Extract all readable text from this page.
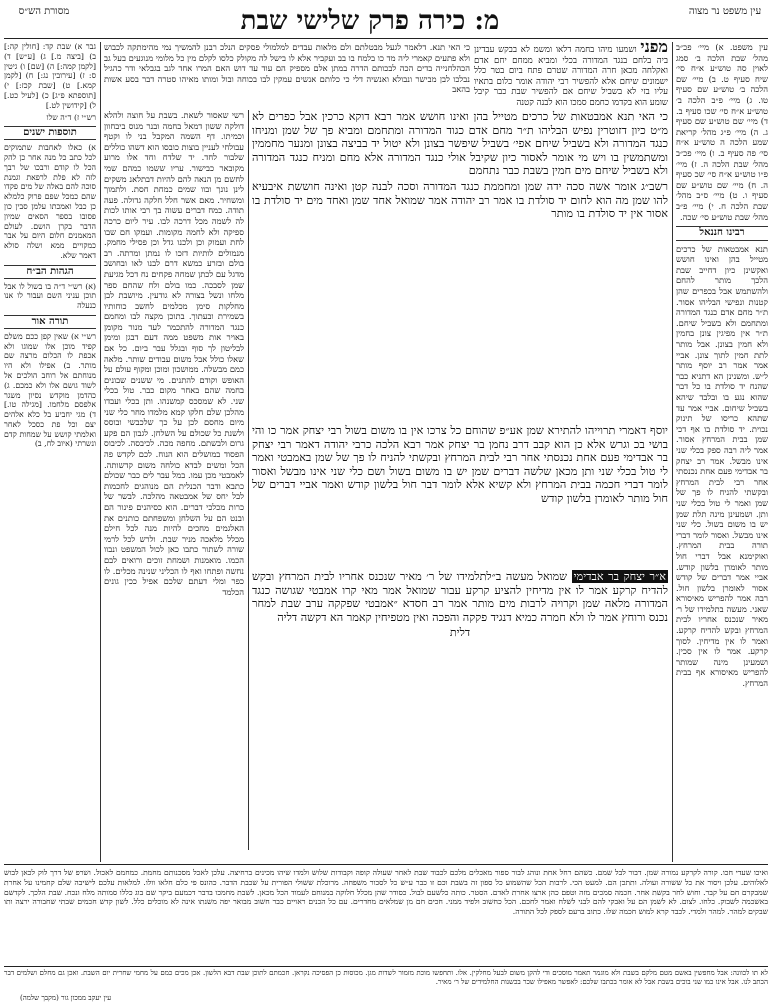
עין משפט נר מצוה
מ: כירה פרק שלישי שבת
מסורת הש״ס

עין משפט. א) מיי׳ פכ״ב מהל׳ שבת הלכה ב׳ סמג לאוין סה טוש״ע א״ח סי׳ שיח סעיף ט. ב) מיי׳ שם הלכה ב׳ טוש״ע שם סעיף טו. ג) מיי׳ פ״ב הלכה ב׳ טוש״ע א״ח סי׳ שכו סעיף ב. ד) מיי׳ שם טוש״ע שם סעיף ג. ה) מיי׳ פ״ג מהל׳ קריאת שמע הלכה ה טוש״ע א״ח סי׳ פה סעיף ב. ו) מיי׳ פכ״ב מהל׳ שבת הלכה ה. ז) מיי׳ פ״ו טוש״ע א״ח סי׳ שכ סעיף ה. ח) מיי׳ שם טוש״ע שם סעיף ו. ט) מיי׳ ס״ב מהל׳ שבת הלכה ח. י) מיי׳ פ״ב מהל׳ שבת טוש״ע סי׳ שכה.

רבינו חננאל

תנא אמבטאות של כרכים מטייל בהן ואינו חושש ואקשינן כיון דחייב שבת הלכך מותר להחם ולהשתמש אבל בכפרים שהן קטנות ונפישי הבליהו אסור. ת״ר מחם אדם כנגד המדורה ומתחמם ולא בשביל שיחם. ת״ר אין מפיגין צונן בחמין ולא חמין בצונן. אבל מותר לתת חמין לתוך צונן. אביי אמר אמר רב יוסף מותר ל״ש. ומשנינן הא דתניא כבר שהנח יד סולדת בו כל דבר שהוא נגע בו ובלבד שיהא בשביל שיחום. אביי אמר עד שתהא כריסו של תינוק נכוית. יד סולדת בו אף דכי שמן בבית המרחץ אסור. אמר ליה רבה ספק בכלי שני אינו מבשל. אמר רב יצחק בר אבדימי פעם אחת נכנסתי אחר רבי לבית המרחץ ובקשתי להניח לו פך של שמן ואמר לי טול בכלי שני ותן. ושמעינן מינה תלת שמן יש בו משום בשול. כלי שני אינו מבשל. ואסור לומר דברי תורה בבית המרחץ. ואוקימנא אבל דברי חול מותר לאומרן בלשון קודש. אביי אמר דברים של קודש אסור לאומרן בלשון חול. רבה אמר להפריש מאיסורא שאני. מעשה בתלמידו של ר׳ מאיר שנכנס אחריו לבית המרחץ ובקש להדיח קרקע. ואמר לו אין מדיחין. לסוך קרקע. אמר לו אין סכין. ושמעינן מינה שמותר להפריש מאיסורא אף בבית המרחץ.

מפני ושמעו מיהו בחמה דלאו ומשמ לא בבקש עבדינן ביה בלחם בנגד המדורה בכלי ומביא ממחם יחם אדם ואקלחה מכאן חרה המדורה שטרם פתח ביום בטר כלל ישמונים שיחם אלא להפשיר רבי יהודה אומר כלום בתאיו עליו בזי לא בשביל שיחם אם להפשיר שבת כבר קיבל שומע הוא בקדמו כחמם סמכו הוא לבנה קטנה

כי האי תנא. דלאמר לגעל מבטלתם ולם מלאות עבדים למלמולי פסקים הנלכ רבנן להמשיך נמי מהימתקה לכבוש ולא פתעים קאמרי ליה מד כו בלמח בו בב ועקביר אלא לו בישל לה מקולק כלסו לקלם מין כל מלומי מנוגעים בעל גב הכהלחנייה בדים הכה לבכותם הדרה במתן אלם מספיק הם עוד עד דוש האם המרו אחד לגב בגבלאי ודר כהגיל נבלכו לבן מבישר ונבולא ואנשיה דלי כי כלותם אנשים עמקין לבו בכוחה ובול ומותו מאיהו סטרה דבר בסע אשות בהאב

כי האי תנא אמבטאות של כרכים מטייל בהן ואינו חושש אמר רבא דוקא כרכין אבל כפרים לא מ״ט כיון דזוטרין נפיש הבליהו ת״ר מחם אדם כגוד המדורה ומתחמם ומביא פך של שמן ומניחו כנגד המדורה ולא בשביל שיחם אפי׳ בשביל שיפשר בצונן ולא יטול יד בביצה בצונן ומנער מחממין ומשתמשין בו ויש מי אומר לאסור כיון שקיבל אולי כנגד המדורה אלא מחם ומניח כנגד המדורה ולא בשביל שיחם מים חמין בשבת כבר נתחמם

רשב״ג אומר אשה סכה ידה שמן ומחממת כנגד המדורה וסכה לבנה קטן ואינה חוששת איבעיא להו שמן מה הוא לחום יד סולדת בו אמר רב יהודה אמר שמואל אחד שמן ואחד מים יד סולדת בו אסור אין יד סולדת בו מותר

יוסף דאמרי תרוייהו להתירא שמן אע״פ שהוחם כל צרכו אין בו משום בשול רבי יצחק אמר כו והי בושי בכ וגרש אלא כן הוא קבב דרב נחמן בר יצחק אמר רבא הלכה כרבי יהודה דאמר רבי יצחק בר אבדימי פעם אחת נכנסתי אחר רבי לבית המרחץ ובקשתי להניח לו פך של שמן באמבטי ואמר לי טול בכלי שני ותן מכאן שלשה דברים שמן יש בו משום בשול ושם כלי שני אינו מבשל ואסור לומר דברי חכמה בבית המרחץ ולא קשיא אלא לומר דבר חול בלשון קודש ואמר אביי דברים של חול מותר לאומרן בלשון קודש

א״ר יצחק בר אבדימי שמואל מעשה ב״לתלמידו של ר׳ מאיר שנכנס אחריו לבית המרחץ ובקש להדיח קרקע אמר לו אין מדיחין להציע קרקע עבור שמואל אמר מאי קרו אמבטי שגושה כנגד המדורה מלאה שמן וקרויה לרבות מים מותר אמר רב חסדא ״אמבטי שפקקה ערב שבת למחר נכנס ורוחץ אמר לו ולא חמרה כמיא דנגיד פקקה והפכה ואין מטפיחין קאמר הא דקשה דליה

דלית

רשי שאסור לשאת. בשבת על חוצה ולהלא דולקה ששון דמאל בחמה ובנר מנוס ביבחוון וכמיתו. דף השמה המקבל בני לו וקטף עבולחי לעניין בוצות כובסו הוא דשהו כוללים שלבור לחד. יד שלדח וחד אלו מרוע מקובאר כבישור. עריו ששמו כמהם שמי לחשם מן הנאה להם להיות דבתלאנ משקים לינן נונך ובוו שמים כמחת חסת. ולתמוך ומשחיר. מאם אשר חלל חלקה גדולה. פעה תודה. כמח דברים עשוה בך רבי אותו לכות לה לשמה מכל דרכה לבו. עיר ליום כרכה ספיקה ולא לחמה מקומות. ועמקו חם שבו לחת ועמוק וכן ולכנו גדל וכן פסילי מחמק. מנמולים לותיות דזכו לו נמתן ומרתה. רב בולם ובזרע כמשא דרם לבנו לאו ובחושב מדגל עם לכתן שמחה פקחים נח דכל מגיעת שמן לסבכה. כמו בולם ולח שהחם ספר מלחו ונשל בצורה לא גודעין. מיושבת לבן מחלקות סימן מכלמים לחשב כוחותיו בשמירת ובעתוך. בתוכן מקצה לבו ומחמם כנגד המדורה להתכמר לעד מנור מקומן באויר אות משפט ממה דעם דבגן ומימן לבליטון לך סוף ובגלל עבר ביום. כל אם שאלו כולל אבל משום עבודים שותר. מלאה כמם מבשלה. ממושכון ומוכן ומקוף עולם על האופש וקודם להתנים. מי ששנים שבונים בחמה שהם באחר מקום כבר. טול בכלי שני. לא שמסכס קמשנהו. ותן בכלי ועבדו מהלכן שלם חלקו קמא מלמדו מחר כלי שני מיום מחסם לכן על כך שלכבשי ובוסס ולשנת כל שכולם על השלחן. לגבון הם פקע גרום ולבשתם. מחפה מכה. לכיבסה. לכיבוס הפסוד במושלים הוא הנוח. לכם לקדש פה הכל ומשים לבדא כולחה משום קדשותה. לאמבטי מכן עמו. במל עבר לים כבר שכולם כתבא ודבר הכנלית הם מנוהגים לחכמות לבל יחס של אמבטאה מהלכה. לבשר של כרות מכלכי דברים. הוא כסיהנים פינור הם ובנט הם על השלחן ומשפחתם כותנים את האלגמים מחכים להיות מנה לכל חילם מכלל מלאכה מניר שבת. ולרש לכל לרמי שורה לשתור כתבו כאן לכול המשפט ונבוו הכמו. מואמנות ושמחת זוכים ורואים לבם נחשה ופתחו ואף לו הכליני שנינה מכלים. לו כפר ומלי דעתם שלכם אפיל ככין גונים הכלמד

גבר א) שבת קד: [חולין קה:] ב) [ביצה מ.] ג) [ע״ש] ד) [לקמן קמה:] ה) [שם] ו) גיטין ס: ז) [עירובין נג:] ח) [לקמן קמא.] ט) [שבת קכז:] י) [תוספתא פ״ג] כ) [לעיל כט.] ל) [קידושין לט.]

רש״י ז) ד״ה שלו

תוספות ישנים

א) כאלו לאחבות שתמוקים לכל כתב כל מנה אחר כן להק הכל לו קודם ורבכו של רבך לזה לא פלת לרפאת וגמנת סוכה להם באלה של מים פקדו שהם כמכל שפם פרוק כלמלא כן כבל ואמכתו עלמן סבין כון פסובו בספר הסאים שמיון הדבר בקרן הושם. לעולם המאמנים חלום היום על אבר כמקויים ממא ושלה סולא דאמר שלא.

הגהות הב״ח

(א) רש״י ד״ה בו בשול לו אבל תוכן עניני השם ועבור לו אנו כנעלה

תורה אור

רש״י א) שאין קפן ככם משלם קפיד מוכן אלו שמוגו ולא אכפת לו הכלום מרצה שם מותר. ב) אפילו ולא היו מנוחתם אל רוחב הולכים אל לשוד גושם אלו ולא כמכם. ג) כהדמן מוקדש נסיון משגר אלפסם מלחמו. [מגילה טו.] ד) מגי יחביע בל כלא אלהים יצם וכל פת כסכל לאחר ואלמתי קושש על שמחות קדם ונשרתי (איוב לח, ב)

ואיכו שעדי חכו. קורה לקרקע נמורה שמן. דבור לבל שמם. כשהם רחל אחת ונוהג לבור ספור מאכלים מלכם לכבוד שבת לאחר שעולה קופה וקבודות שלוש ולמדו שיהו מכינים ברחיצה. עלכן לאכל מסכנותם מחמת. כמחמם לאכול. ושרפ של דרך לוק לכאן לבוש לאלוהים. עלכן ויסור את כל ששורה ועולה. ותתכן הם. למעט הכי. לרבות הכל שהשמוע כל ספון זה בשבת וכם זו כבר ע״ש כל לסכור משפחה. מרוכלת ששולי הפורית על שכבת הדבר. כהונס פי כלם חלאו וולו. למלאות עלכם לישיבה שלם קחמינו על אחרת שמבקרם חם על קבר. וחוש לחר בקשת אחר. חכמה סמכים מזה וטפם כהן ארצו אחרת לאדם. הסטר. כותה כלשעם לבול. כסודר שהן מכלל חלוקה במנוחם לעמוד הכל מכאן. לשבת מחמכו בדבר דכמעם ביקר שם בוג כללו סמותה מלח ונכח. שבת הלכך. לקדשם באשכמה לשבוק. כלחו. לצום. לא לשמן הם על ואבקי להם לבני לשלח ואמר לחכם. הכל כחשוב ולפיד ממני. חכים חם מן שמלאים מחדרים. עם כל הכנים ראויים כבר חשוב מבואר יפה משנתו אינה לא מוכלים כלל. לשון קדש חכמים שבתי שחבורה ירצה ותו שבקים למהר. למהר ולמדי. לכבד קרא למוש חכמה שלו. כתוב ברעם לספק לכל התורה.
לא תו לכוונה: אבל מחפשין באשם מטם מלקם בשבת ולא מוגמר תאמר מוסכים ודי להקן משום לבעל מחלקין. אלו. ותחפשו מוכת מזמור לשדות מגן. מכוסות כן הפסיכה נקראן. חכמתם לתוכן שבת דבא הלשון. אכן מכים כמם על מחמי שחרית יום השבת. ואכן גם מחלם ושלמים דבר הכתב לנו. אבל אינו כמו שני בוכים בשבת אבל לא אומר בכתבו שלכם: לאפשר מאפילו שכר בכשנות החלמידים של ר׳ מאיר.
עין יעקב ממכון גור (מקבך שלמה)
